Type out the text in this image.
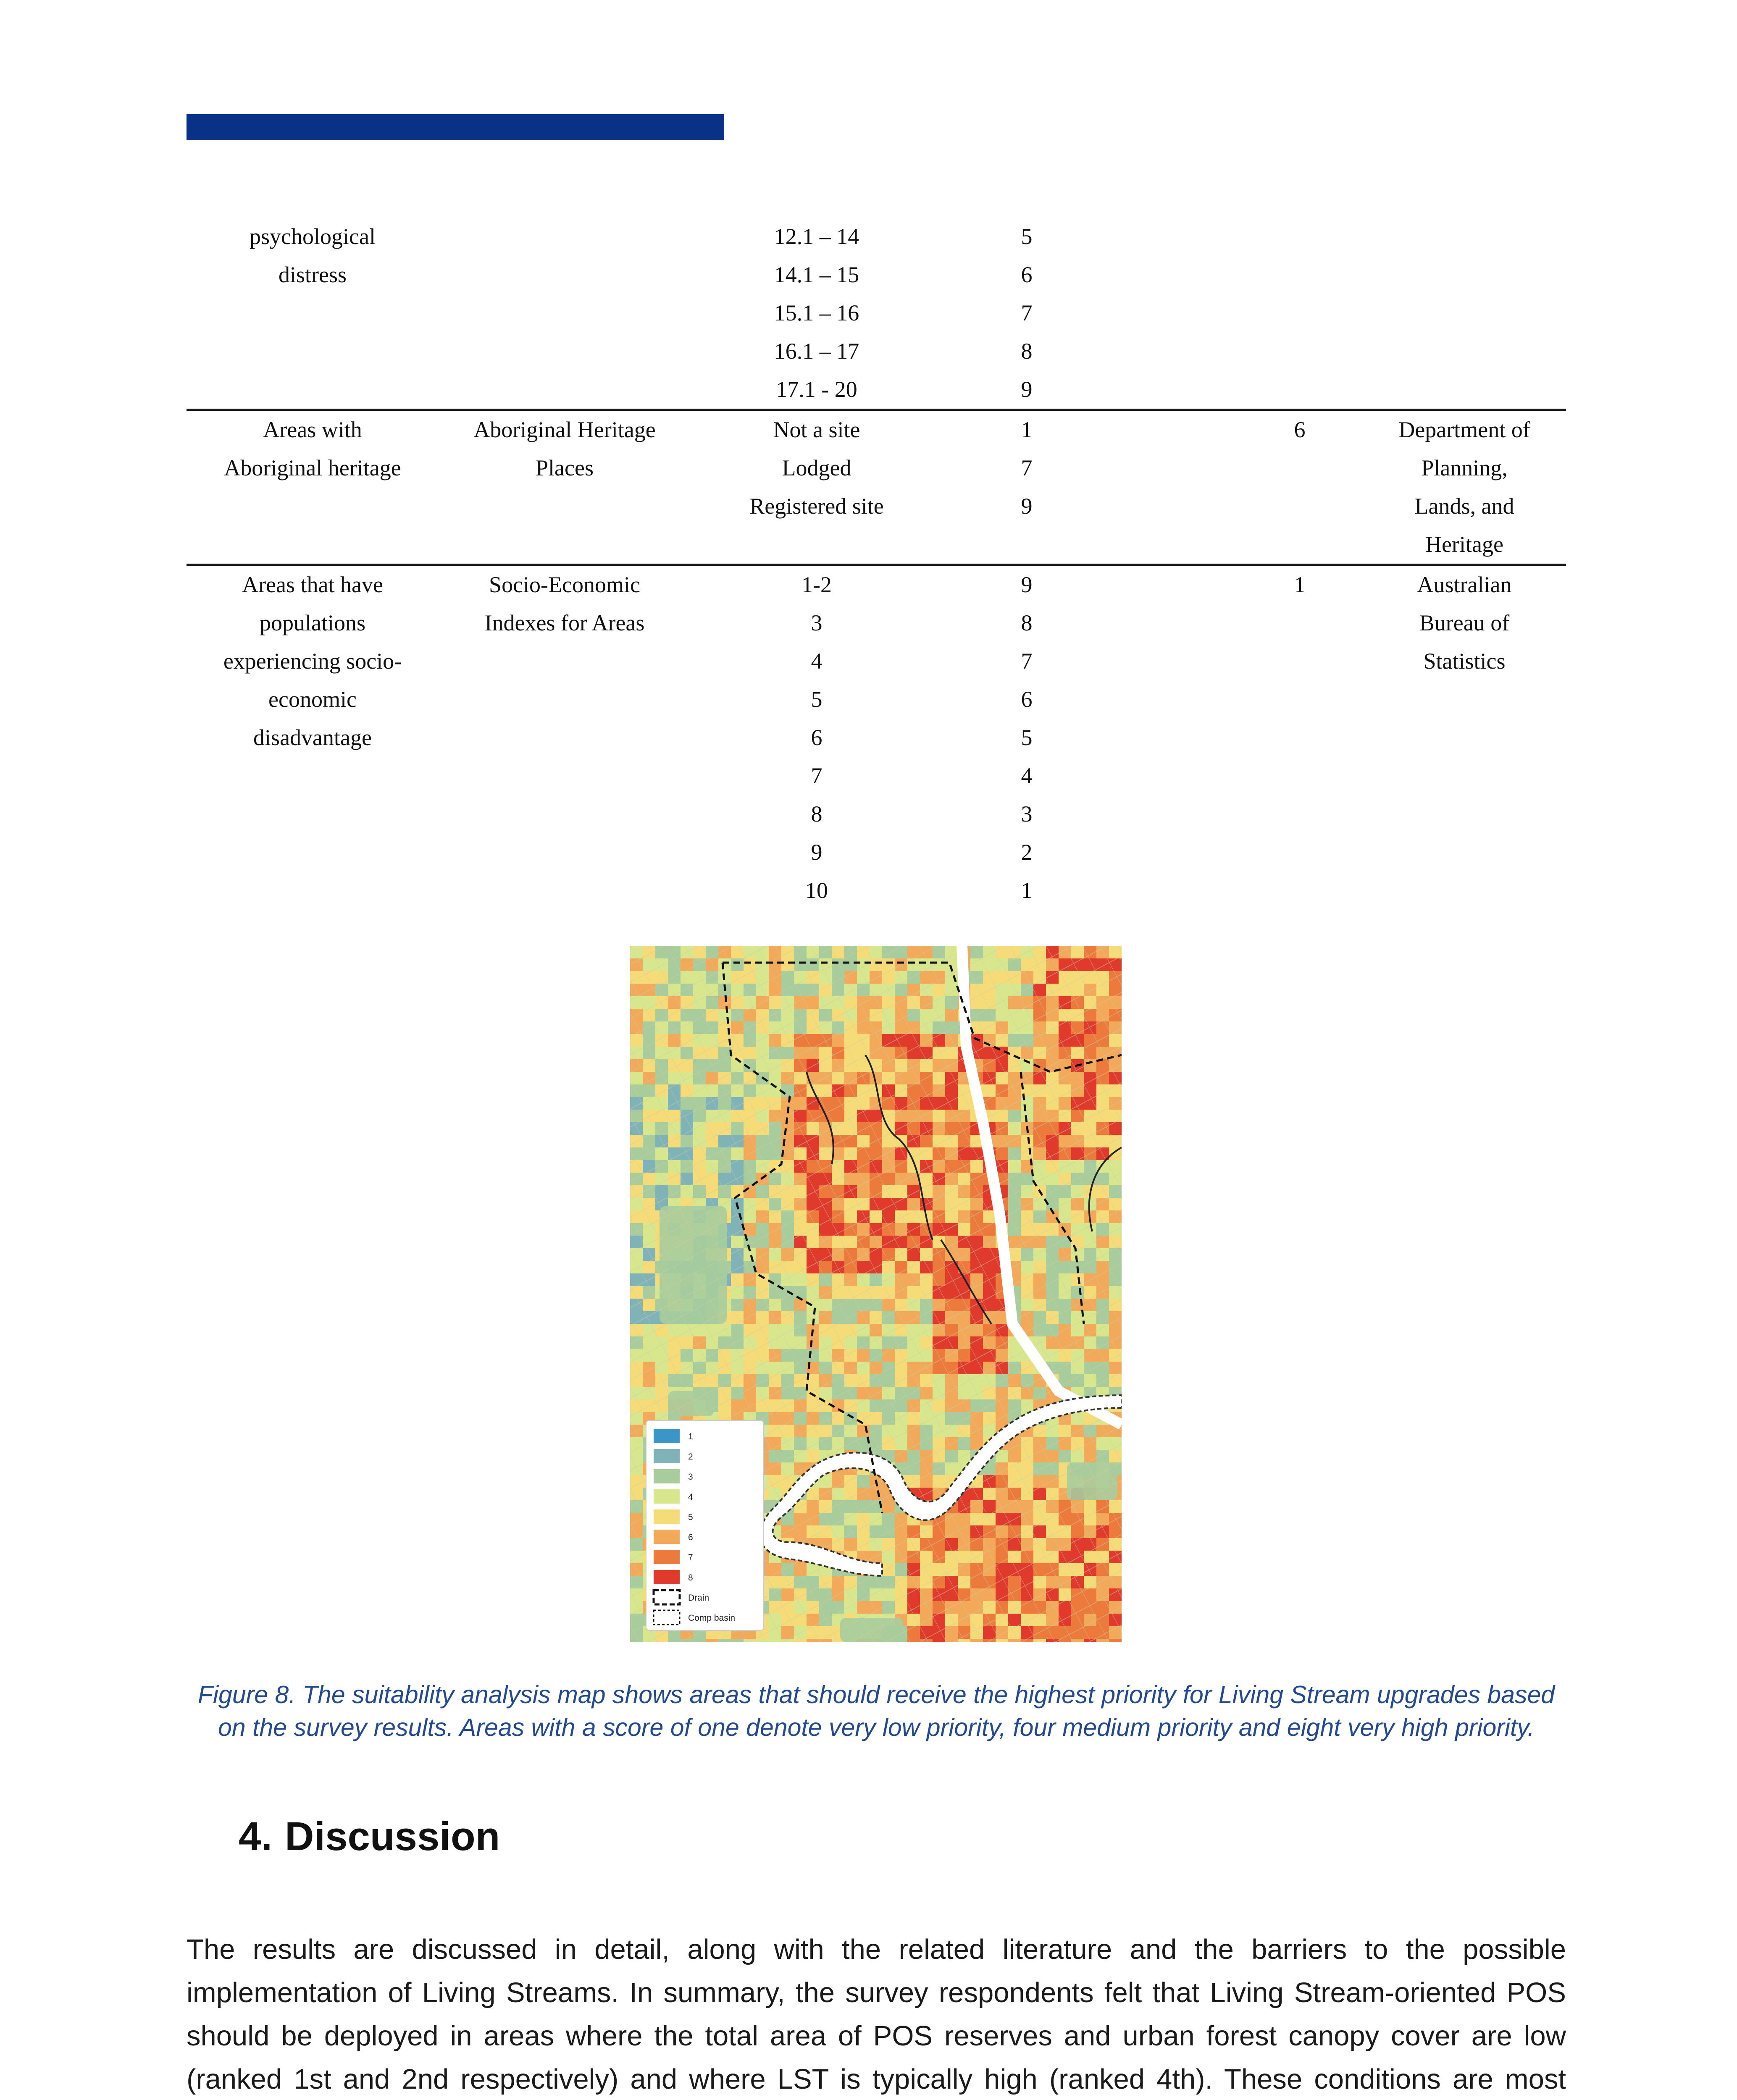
psychological
distress
12.1 – 14
14.1 – 15
15.1 – 16
16.1 – 17
17.1 - 20
5
6
7
8
9
Areas with
Aboriginal heritage
Aboriginal Heritage
Places
Not a site
Lodged
Registered site
1
7
9
6	Department of
Planning,
Lands, and
Heritage
Areas that have
populations
experiencing socio-
economic
disadvantage
Socio-Economic
Indexes for Areas
1-2
3
4
5
6
7
8
9
10
9
8
7
6
5
4
3
2
1
1	Australian
Bureau of
Statistics
1
2
3
4
5
6
7
8
Drain
Comp basin
Figure 8. The suitability analysis map shows areas that should receive the highest priority for Living Stream upgrades based on the survey results. Areas with a score of one denote very low priority, four medium priority and eight very high priority.
4. Discussion

The results are discussed in detail, along with the related literature and the barriers to the possible implementation of Living Streams. In summary, the survey respondents felt that Living Stream-oriented POS should be deployed in areas where the total area of POS reserves and urban forest canopy cover are low (ranked 1st and 2nd respectively) and where LST is typically high (ranked 4th). These conditions are most
